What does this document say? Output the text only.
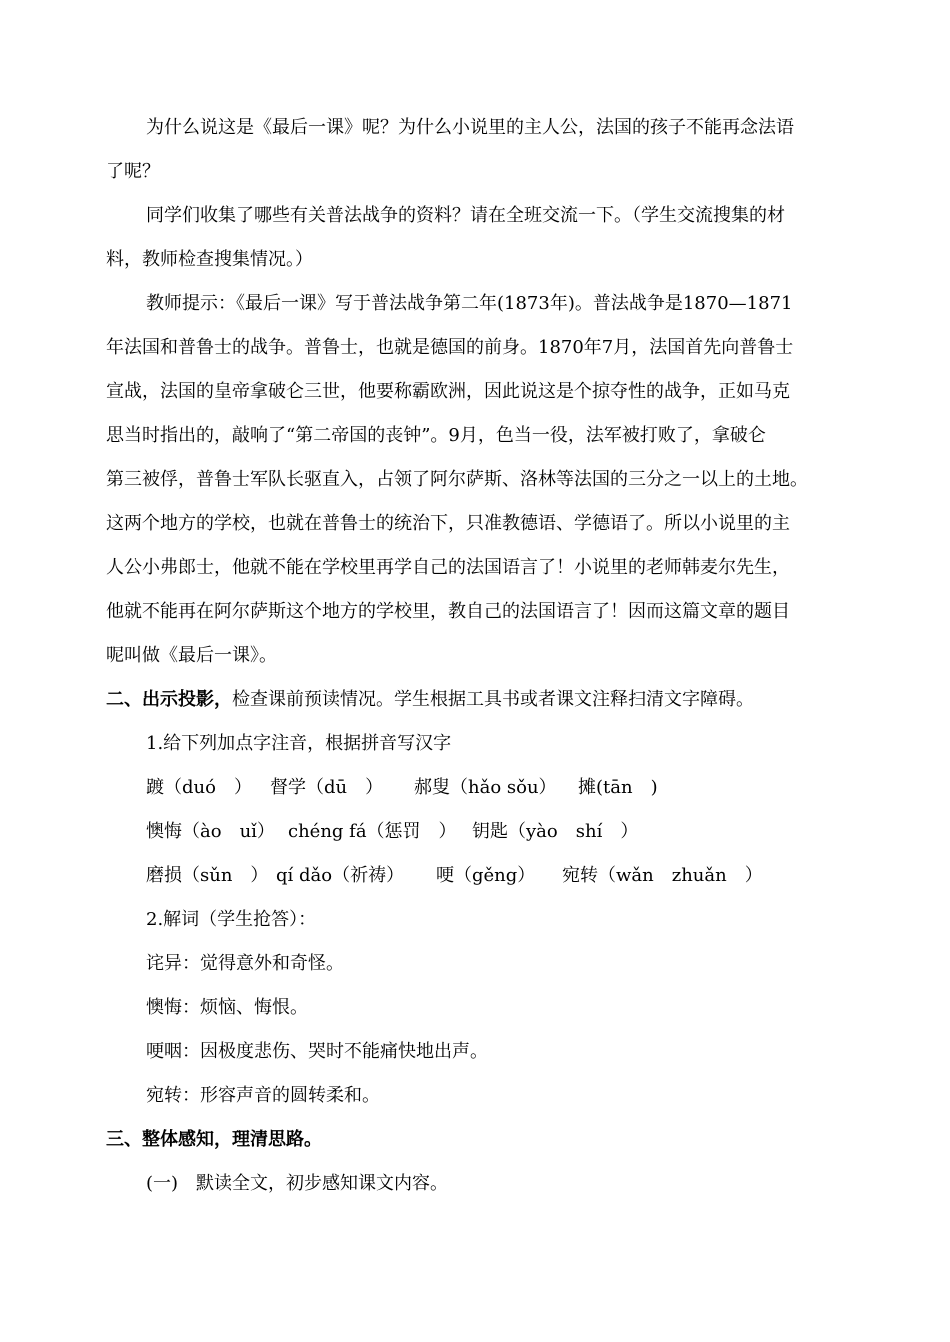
为什么说这是《最后一课》呢？为什么小说里的主人公，法国的孩子不能再念法语
了呢？
同学们收集了哪些有关普法战争的资料？请在全班交流一下。（学生交流搜集的材
料，教师检查搜集情况。）
教师提示：《最后一课》写于普法战争第二年(1873年)。普法战争是1870—1871
年法国和普鲁士的战争。普鲁士，也就是德国的前身。1870年7月，法国首先向普鲁士
宣战，法国的皇帝拿破仑三世，他要称霸欧洲，因此说这是个掠夺性的战争，正如马克
思当时指出的，敲响了“第二帝国的丧钟”。9月，色当一役，法军被打败了，拿破仑
第三被俘，普鲁士军队长驱直入，占领了阿尔萨斯、洛林等法国的三分之一以上的土地。
这两个地方的学校，也就在普鲁士的统治下，只准教德语、学德语了。所以小说里的主
人公小弗郎士，他就不能在学校里再学自己的法国语言了！小说里的老师韩麦尔先生，
他就不能再在阿尔萨斯这个地方的学校里，教自己的法国语言了！因而这篇文章的题目
呢叫做《最后一课》。
二、出示投影，检查课前预读情况。学生根据工具书或者课文注释扫清文字障碍。
1.给下列加点字注音，根据拼音写汉字
踱（duó　） 督学（dū　） 郝叟（hǎo sǒu） 摊(tān　)
懊悔（ào　uǐ） chéng fá（惩罚　） 钥匙（yào　shí　）
磨损（sǔn　） qí dǎo（祈祷） 哽（gěng） 宛转（wǎn　zhuǎn　）
2.解词（学生抢答）：
诧异：觉得意外和奇怪。
懊悔：烦恼、悔恨。
哽咽：因极度悲伤、哭时不能痛快地出声。
宛转：形容声音的圆转柔和。
三、整体感知，理清思路。
(一)　默读全文，初步感知课文内容。
